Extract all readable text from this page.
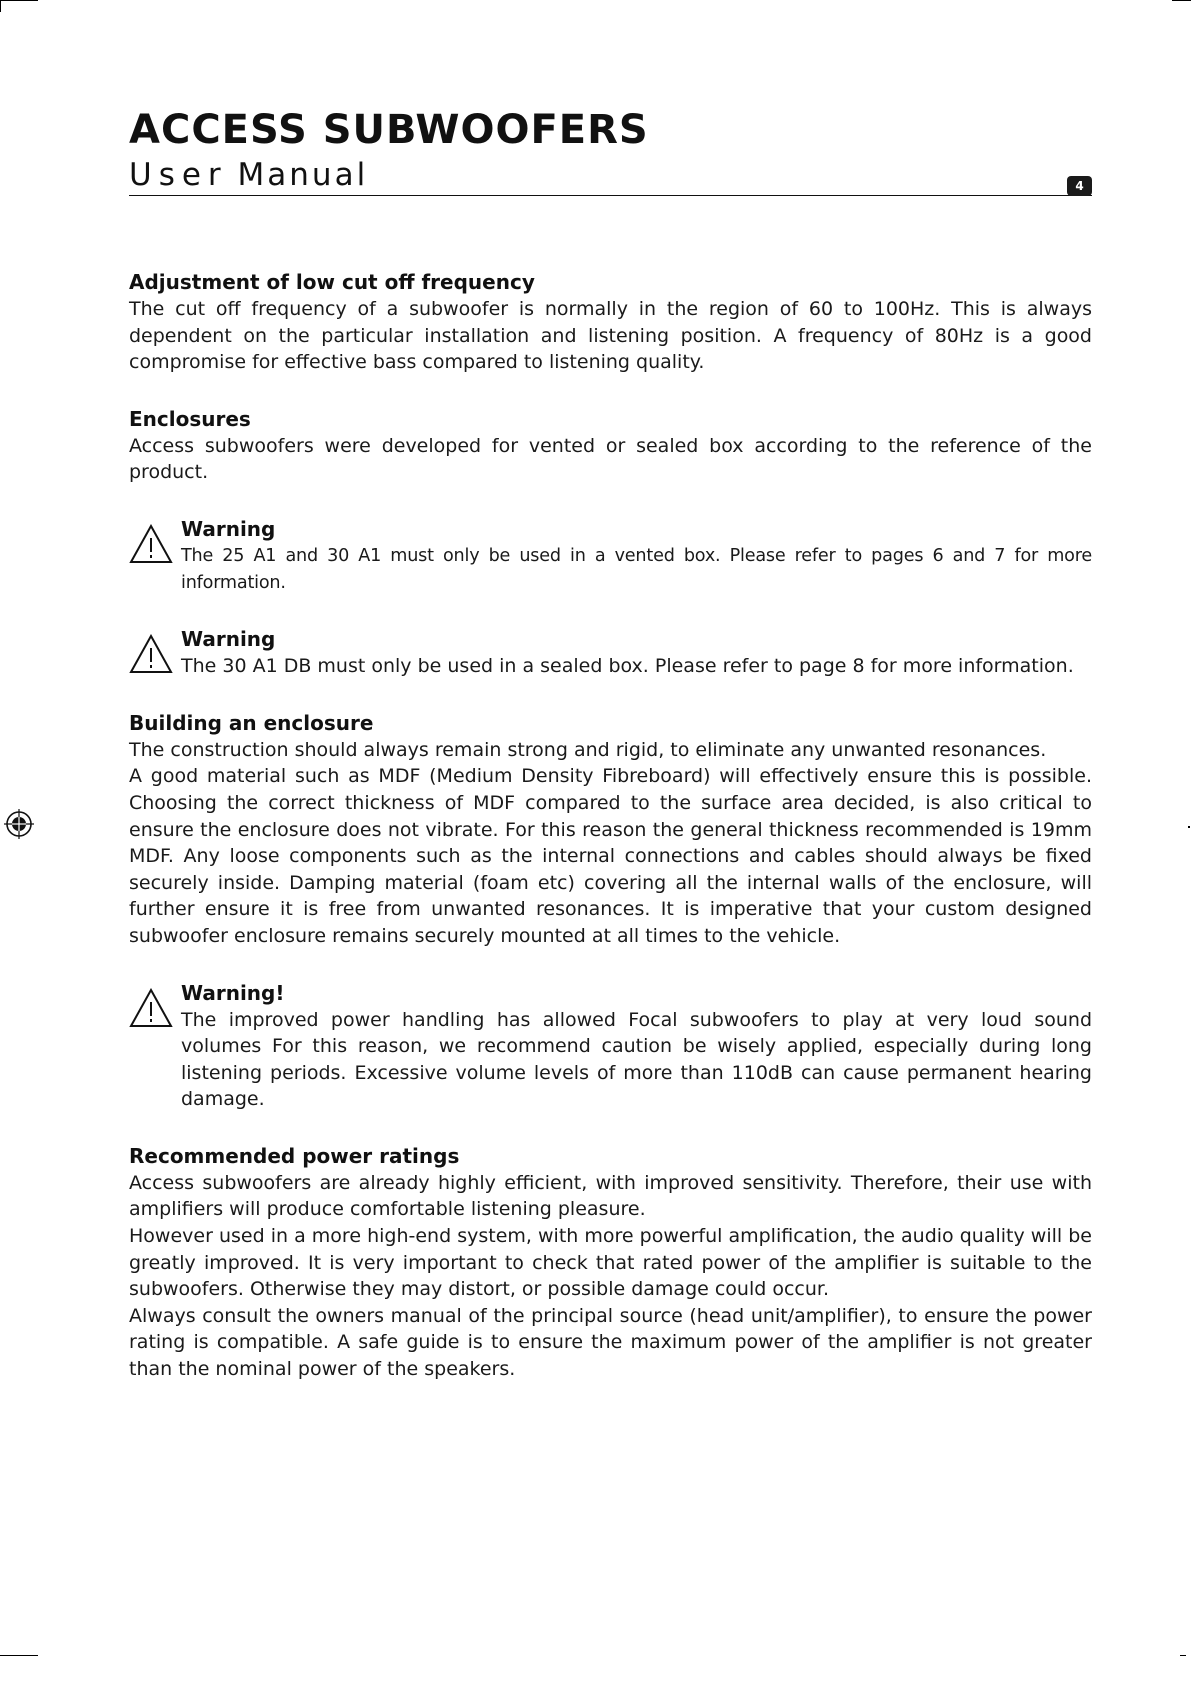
ACCESS SUBWOOFERS
User Manual	4

Adjustment of low cut off frequency

The cut off frequency of a subwoofer is normally in the region of 60 to 100Hz. This is always dependent on the particular installation and listening position. A frequency of 80Hz is a good compromise for effective bass compared to listening quality.

Enclosures

Access subwoofers were developed for vented or sealed box according to the reference of the product.

Warning

The 25 A1 and 30 A1 must only be used in a vented box. Please refer to pages 6 and 7 for more information.

Warning

The 30 A1 DB must only be used in a sealed box. Please refer to page 8 for more information.

Building an enclosure

The construction should always remain strong and rigid, to eliminate any unwanted resonances.

A good material such as MDF (Medium Density Fibreboard) will effectively ensure this is possible. Choosing the correct thickness of MDF compared to the surface area decided, is also critical to ensure the enclosure does not vibrate. For this reason the general thickness recommended is 19mm MDF. Any loose components such as the internal connections and cables should always be fixed securely inside. Damping material (foam etc) covering all the internal walls of the enclosure, will further ensure it is free from unwanted resonances. It is imperative that your custom designed subwoofer enclosure remains securely mounted at all times to the vehicle.

Warning!

The improved power handling has allowed Focal subwoofers to play at very loud sound volumes For this reason, we recommend caution be wisely applied, especially during long listening periods. Excessive volume levels of more than 110dB can cause permanent hearing damage.

Recommended power ratings

Access subwoofers are already highly efficient, with improved sensitivity. Therefore, their use with amplifiers will produce comfortable listening pleasure.

However used in a more high-end system, with more powerful amplification, the audio quality will be greatly improved. It is very important to check that rated power of the amplifier is suitable to the subwoofers. Otherwise they may distort, or possible damage could occur.

Always consult the owners manual of the principal source (head unit/amplifier), to ensure the power rating is compatible. A safe guide is to ensure the maximum power of the amplifier is not greater than the nominal power of the speakers.
